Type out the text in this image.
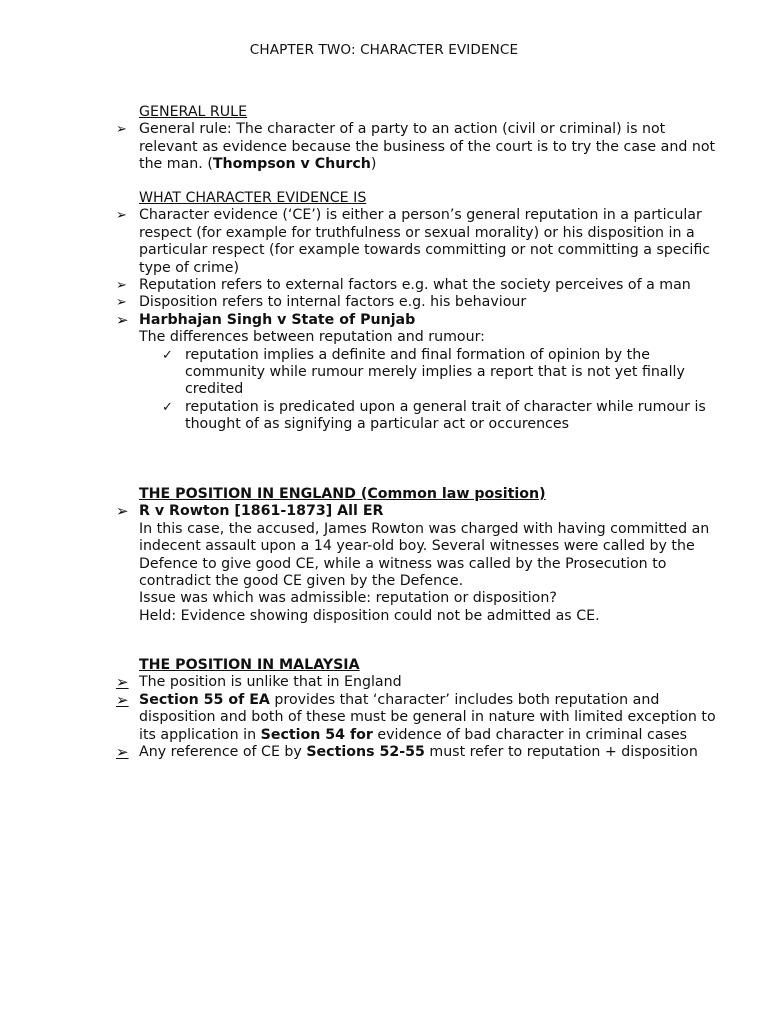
CHAPTER TWO: CHARACTER EVIDENCE
GENERAL RULE
➢ General rule: The character of a party to an action (civil or criminal) is not relevant as evidence because the business of the court is to try the case and not the man. (Thompson v Church)
WHAT CHARACTER EVIDENCE IS
➢ Character evidence (‘CE’) is either a person’s general reputation in a particular respect (for example for truthfulness or sexual morality) or his disposition in a particular respect (for example towards committing or not committing a specific type of crime)
➢ Reputation refers to external factors e.g. what the society perceives of a man
➢ Disposition refers to internal factors e.g. his behaviour
➢ Harbhajan Singh v State of Punjab
The differences between reputation and rumour:
✓ reputation implies a definite and final formation of opinion by the community while rumour merely implies a report that is not yet finally credited
✓ reputation is predicated upon a general trait of character while rumour is thought of as signifying a particular act or occurences
THE POSITION IN ENGLAND (Common law position)
➢ R v Rowton [1861-1873] All ER
In this case, the accused, James Rowton was charged with having committed an indecent assault upon a 14 year-old boy. Several witnesses were called by the Defence to give good CE, while a witness was called by the Prosecution to contradict the good CE given by the Defence.
Issue was which was admissible: reputation or disposition?
Held: Evidence showing disposition could not be admitted as CE.
THE POSITION IN MALAYSIA
➢ The position is unlike that in England
➢ Section 55 of EA provides that ‘character’ includes both reputation and disposition and both of these must be general in nature with limited exception to its application in Section 54 for evidence of bad character in criminal cases
➢ Any reference of CE by Sections 52-55 must refer to reputation + disposition
